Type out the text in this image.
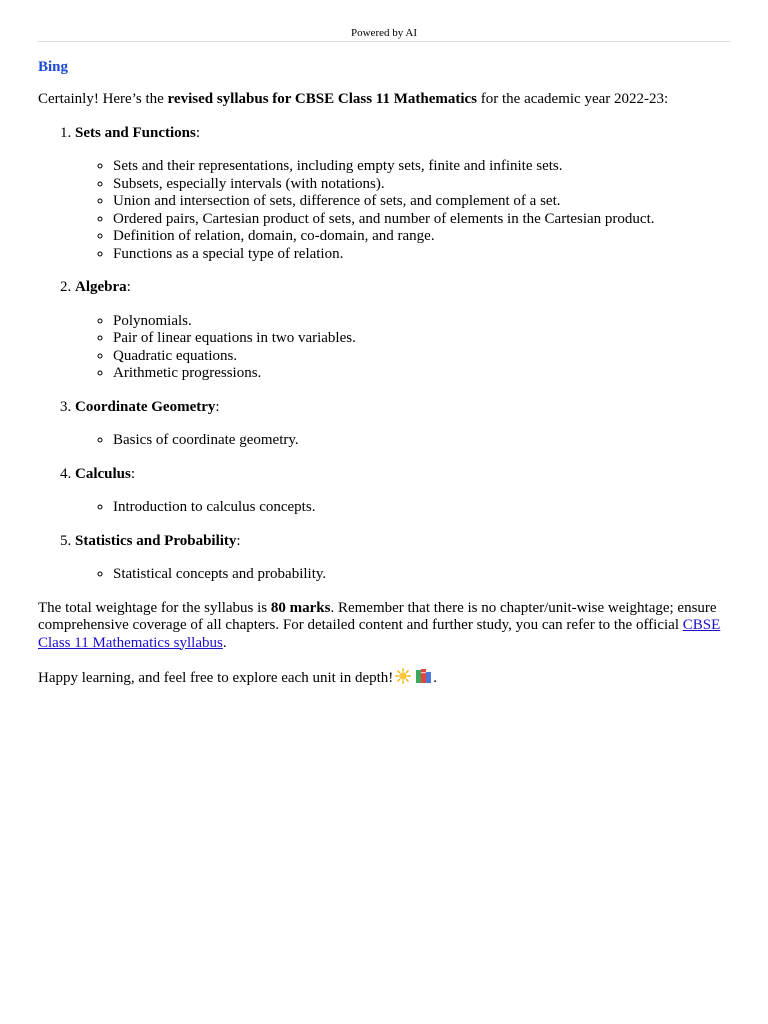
Powered by AI
Bing

Certainly! Here’s the revised syllabus for CBSE Class 11 Mathematics for the academic year 2022-23:

1. Sets and Functions:
◦ Sets and their representations, including empty sets, finite and infinite sets.
◦ Subsets, especially intervals (with notations).
◦ Union and intersection of sets, difference of sets, and complement of a set.
◦ Ordered pairs, Cartesian product of sets, and number of elements in the Cartesian product.
◦ Definition of relation, domain, co-domain, and range.
◦ Functions as a special type of relation.
2. Algebra:
◦ Polynomials.
◦ Pair of linear equations in two variables.
◦ Quadratic equations.
◦ Arithmetic progressions.
3. Coordinate Geometry:
◦ Basics of coordinate geometry.
4. Calculus:
◦ Introduction to calculus concepts.
5. Statistics and Probability:
◦ Statistical concepts and probability.

The total weightage for the syllabus is 80 marks. Remember that there is no chapter/unit-wise weightage; ensure comprehensive coverage of all chapters. For detailed content and further study, you can refer to the official CBSE Class 11 Mathematics syllabus.

Happy learning, and feel free to explore each unit in depth!	.
